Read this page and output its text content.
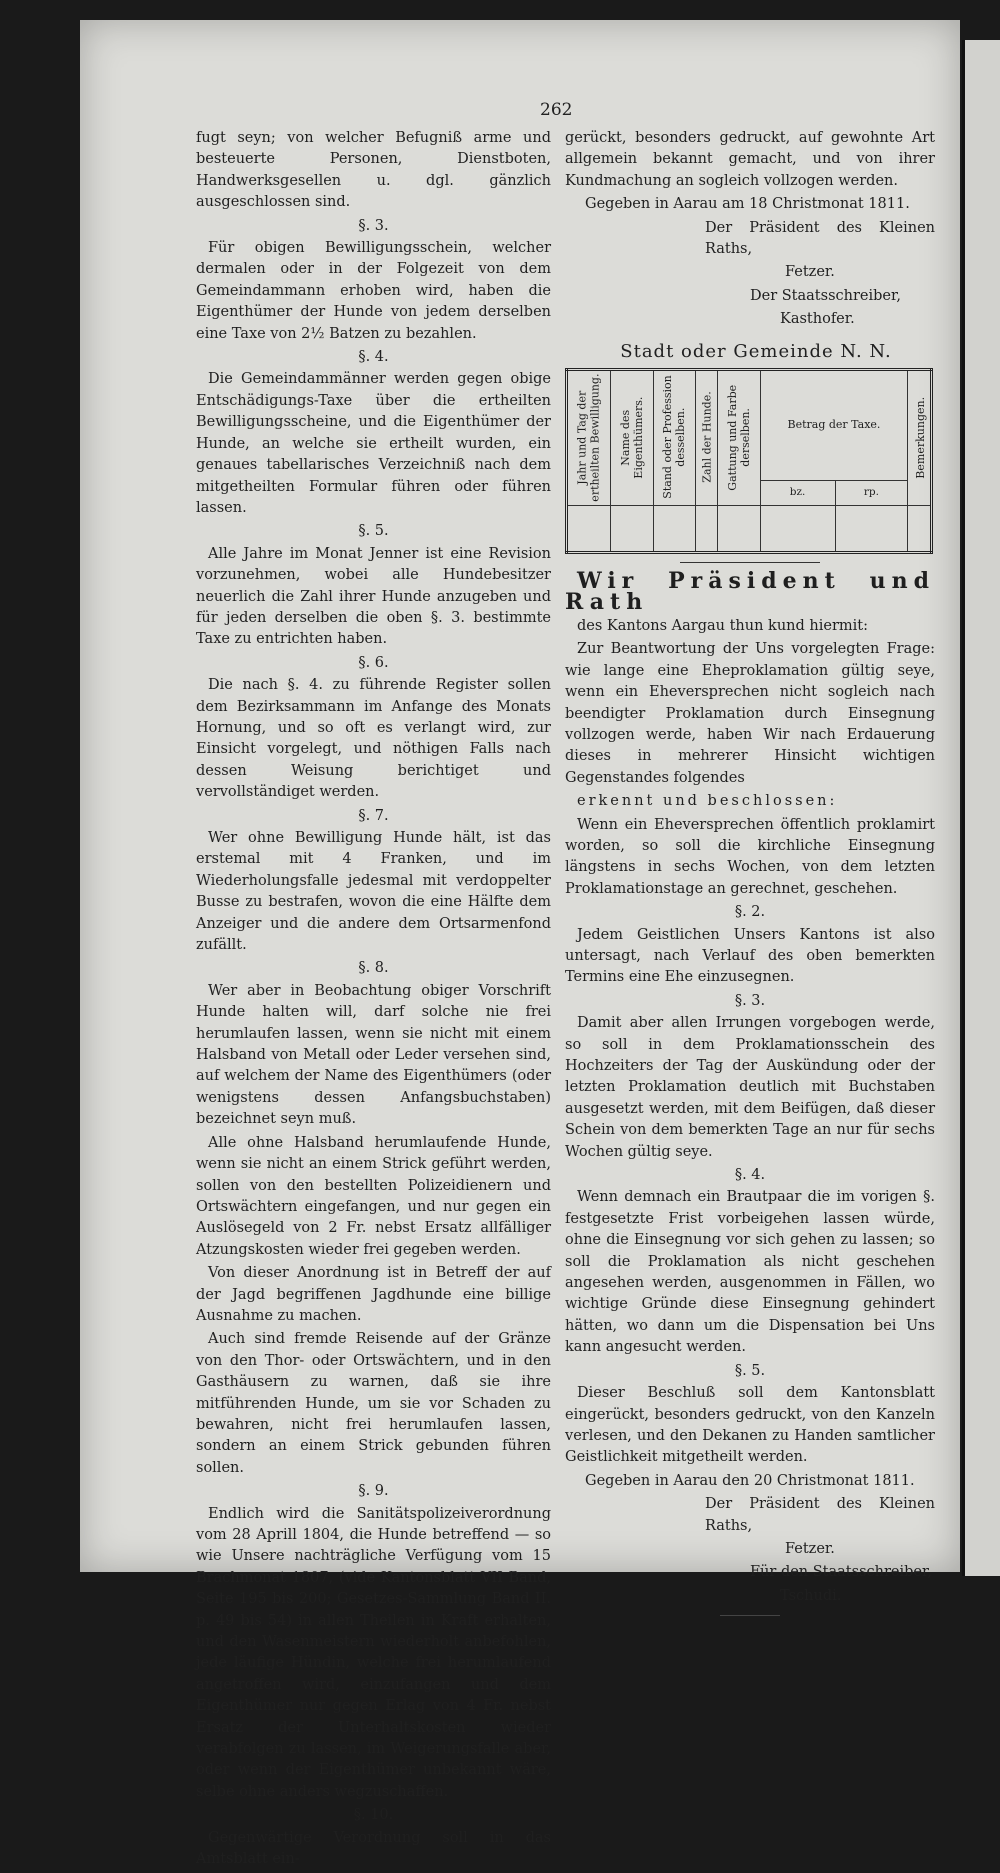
262

fugt seyn; von welcher Befugniß arme und besteuerte Personen, Dienstboten, Handwerksgesellen u. dgl. gänzlich ausgeschlossen sind.

§. 3.

Für obigen Bewilligungsschein, welcher dermalen oder in der Folgezeit von dem Gemeindammann erhoben wird, haben die Eigenthümer der Hunde von jedem derselben eine Taxe von 2½ Batzen zu bezahlen.

§. 4.

Die Gemeindammänner werden gegen obige Entschädigungs-Taxe über die ertheilten Bewilligungsscheine, und die Eigenthümer der Hunde, an welche sie ertheilt wurden, ein genaues tabellarisches Verzeichniß nach dem mitgetheilten Formular führen oder führen lassen.

§. 5.

Alle Jahre im Monat Jenner ist eine Revision vorzunehmen, wobei alle Hundebesitzer neuerlich die Zahl ihrer Hunde anzugeben und für jeden derselben die oben §. 3. bestimmte Taxe zu entrichten haben.

§. 6.

Die nach §. 4. zu führende Register sollen dem Bezirksammann im Anfange des Monats Hornung, und so oft es verlangt wird, zur Einsicht vorgelegt, und nöthigen Falls nach dessen Weisung berichtiget und vervollständiget werden.

§. 7.

Wer ohne Bewilligung Hunde hält, ist das erstemal mit 4 Franken, und im Wiederholungsfalle jedesmal mit verdoppelter Busse zu bestrafen, wovon die eine Hälfte dem Anzeiger und die andere dem Ortsarmenfond zufällt.

§. 8.

Wer aber in Beobachtung obiger Vorschrift Hunde halten will, darf solche nie frei herumlaufen lassen, wenn sie nicht mit einem Halsband von Metall oder Leder versehen sind, auf welchem der Name des Eigenthümers (oder wenigstens dessen Anfangsbuchstaben) bezeichnet seyn muß.

Alle ohne Halsband herumlaufende Hunde, wenn sie nicht an einem Strick geführt werden, sollen von den bestellten Polizeidienern und Ortswächtern eingefangen, und nur gegen ein Auslösegeld von 2 Fr. nebst Ersatz allfälliger Atzungskosten wieder frei gegeben werden.

Von dieser Anordnung ist in Betreff der auf der Jagd begriffenen Jagdhunde eine billige Ausnahme zu machen.

Auch sind fremde Reisende auf der Gränze von den Thor- oder Ortswächtern, und in den Gasthäusern zu warnen, daß sie ihre mitführenden Hunde, um sie vor Schaden zu bewahren, nicht frei herumlaufen lassen, sondern an einem Strick gebunden führen sollen.

§. 9.

Endlich wird die Sanitätspolizeiverordnung vom 28 Aprill 1804, die Hunde betreffend — so wie Unsere nachträgliche Verfügung vom 15 Brachmonat 1807, (vide Kantonsblatt VII Band, Seite 195 bis 200; Gesetzes-Sammlung Band II. p. 49 bis 54) in allen Theilen in Kraft erhalten, und den Wasenmeistern wiederholt anbefohlen, jede läufige Hündin, welche frei herumlaufend angetroffen wird, einzufangen und dem Eigenthümer nur gegen Erlag von 4 Fr. nebst Ersatz der Unterhaltskosten wieder verabfolgen zu lassen, im Weigerungsfalle aber, oder wenn der Eigenthümer unbekannt wäre, selbe ohne anders wegzuschaffen.

§. 10.

Gegenwärtige Verordnung soll in das Amtsblatt ein-

gerückt, besonders gedruckt, auf gewohnte Art allgemein bekannt gemacht, und von ihrer Kundmachung an sogleich vollzogen werden.

Gegeben in Aarau am 18 Christmonat 1811.

Der Präsident des Kleinen Raths,

Fetzer.

Der Staatsschreiber,

Kasthofer.

Stadt oder Gemeinde N. N.

Jahr und Tag der ertheilten Bewilligung.	Name des Eigenthümers.	Stand oder Profession desselben.	Zahl der Hunde.	Gattung und Farbe derselben.	Betrag der Taxe.		Bemerkungen.
					bz.	rp.	

Wir Präsident und Rath

des Kantons Aargau thun kund hiermit:

Zur Beantwortung der Uns vorgelegten Frage: wie lange eine Eheproklamation gültig seye, wenn ein Eheversprechen nicht sogleich nach beendigter Proklamation durch Einsegnung vollzogen werde, haben Wir nach Erdauerung dieses in mehrerer Hinsicht wichtigen Gegenstandes folgendes

erkennt und beschlossen:

Wenn ein Eheversprechen öffentlich proklamirt worden, so soll die kirchliche Einsegnung längstens in sechs Wochen, von dem letzten Proklamationstage an gerechnet, geschehen.

§. 2.

Jedem Geistlichen Unsers Kantons ist also untersagt, nach Verlauf des oben bemerkten Termins eine Ehe einzusegnen.

§. 3.

Damit aber allen Irrungen vorgebogen werde, so soll in dem Proklamationsschein des Hochzeiters der Tag der Auskündung oder der letzten Proklamation deutlich mit Buchstaben ausgesetzt werden, mit dem Beifügen, daß dieser Schein von dem bemerkten Tage an nur für sechs Wochen gültig seye.

§. 4.

Wenn demnach ein Brautpaar die im vorigen §. festgesetzte Frist vorbeigehen lassen würde, ohne die Einsegnung vor sich gehen zu lassen; so soll die Proklamation als nicht geschehen angesehen werden, ausgenommen in Fällen, wo wichtige Gründe diese Einsegnung gehindert hätten, wo dann um die Dispensation bei Uns kann angesucht werden.

§. 5.

Dieser Beschluß soll dem Kantonsblatt eingerückt, besonders gedruckt, von den Kanzeln verlesen, und den Dekanen zu Handen samtlicher Geistlichkeit mitgetheilt werden.

Gegeben in Aarau den 20 Christmonat 1811.

Der Präsident des Kleinen Raths,

Fetzer.

Für den Staatsschreiber,

Tschudi.
